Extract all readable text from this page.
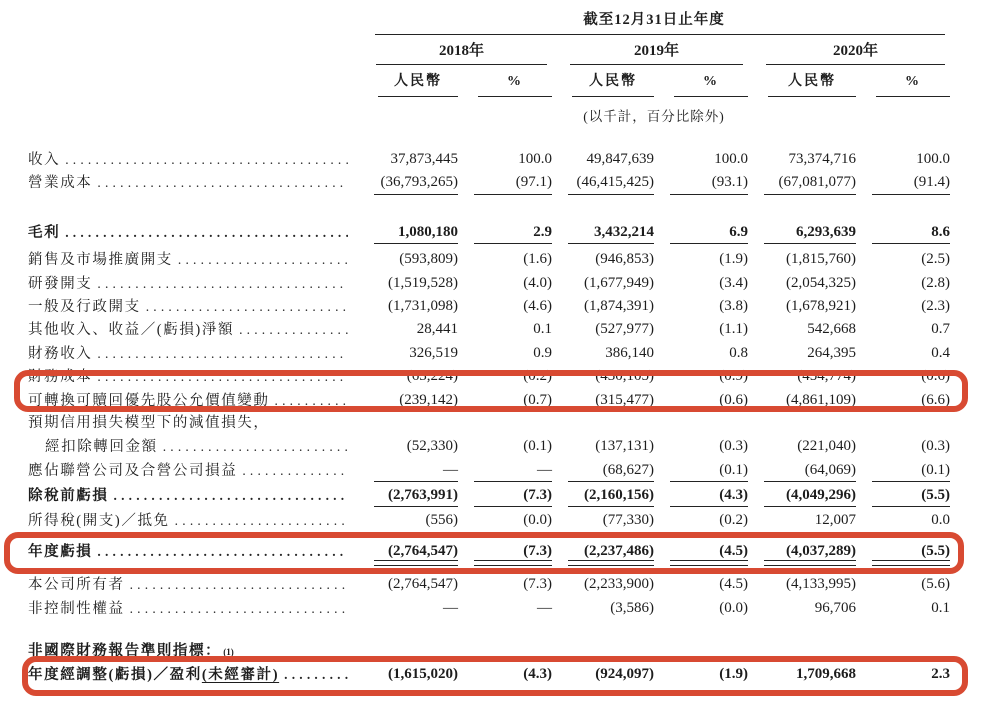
截至12月31日止年度
2018年	2019年	2020年
人民幣	%	人民幣	%	人民幣	%
(以千計，百分比除外)
收入 .....	37,873,445	100.0	49,847,639	100.0	73,374,716	100.0
營業成本 .....	(36,793,265)	(97.1)	(46,415,425)	(93.1)	(67,081,077)	(91.4)
毛利 .....	1,080,180	2.9	3,432,214	6.9	6,293,639	8.6
銷售及市場推廣開支 .....	(593,809)	(1.6)	(946,853)	(1.9)	(1,815,760)	(2.5)
研發開支 .....	(1,519,528)	(4.0)	(1,677,949)	(3.4)	(2,054,325)	(2.8)
一般及行政開支 .....	(1,731,098)	(4.6)	(1,874,391)	(3.8)	(1,678,921)	(2.3)
其他收入、收益／(虧損)淨額 .....	28,441	0.1	(527,977)	(1.1)	542,668	0.7
財務收入 .....	326,519	0.9	386,140	0.8	264,395	0.4
財務成本 .....	(63,224)	(0.2)	(430,105)	(0.9)	(454,774)	(0.6)
可轉換可贖回優先股公允價值變動 .....	(239,142)	(0.7)	(315,477)	(0.6)	(4,861,109)	(6.6)
預期信用損失模型下的減值損失，
經扣除轉回金額 .....	(52,330)	(0.1)	(137,131)	(0.3)	(221,040)	(0.3)
應佔聯營公司及合營公司損益 .....	—	—	(68,627)	(0.1)	(64,069)	(0.1)
除稅前虧損 .....	(2,763,991)	(7.3)	(2,160,156)	(4.3)	(4,049,296)	(5.5)
所得稅(開支)／抵免 .....	(556)	(0.0)	(77,330)	(0.2)	12,007	0.0
年度虧損 .....	(2,764,547)	(7.3)	(2,237,486)	(4.5)	(4,037,289)	(5.5)
本公司所有者 .....	(2,764,547)	(7.3)	(2,233,900)	(4.5)	(4,133,995)	(5.6)
非控制性權益 .....	—	—	(3,586)	(0.0)	96,706	0.1
非國際財務報告準則指標： (1)
年度經調整(虧損)／盈利 (未經審計) .....	(1,615,020)	(4.3)	(924,097)	(1.9)	1,709,668	2.3
